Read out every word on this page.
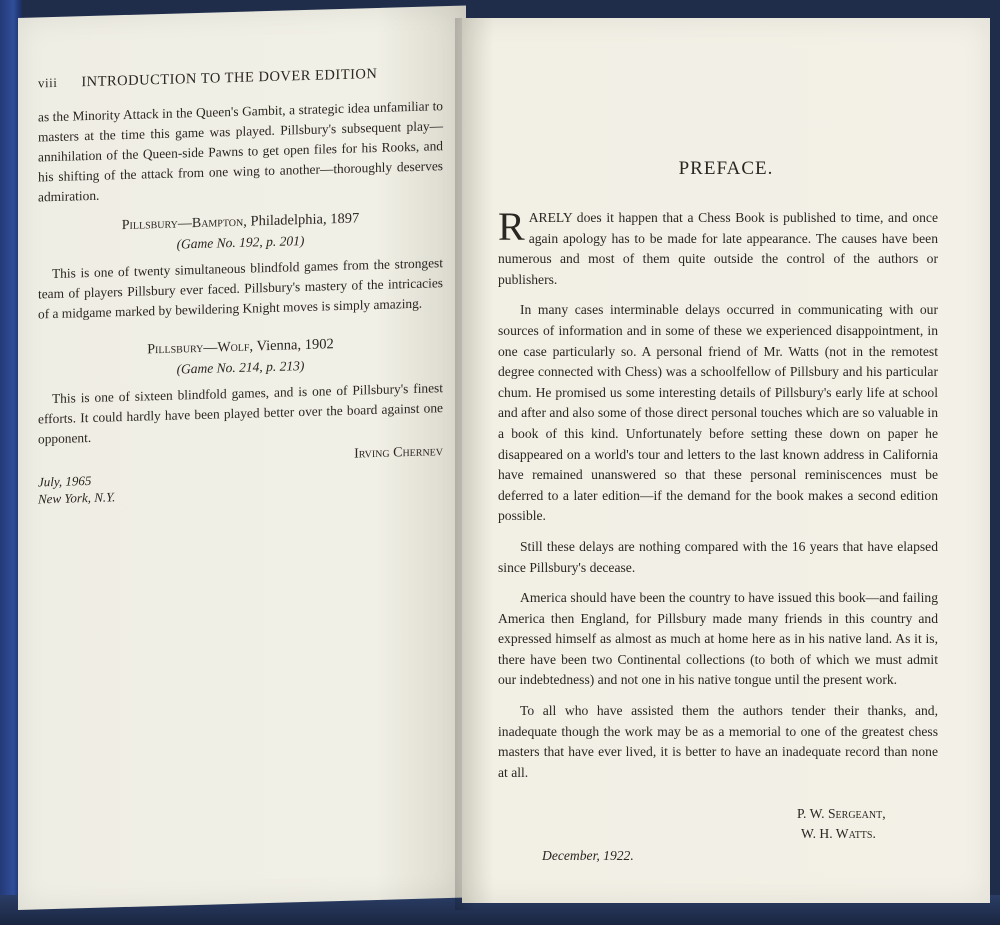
viii INTRODUCTION TO THE DOVER EDITION

as the Minority Attack in the Queen's Gambit, a strategic idea unfamiliar to masters at the time this game was played. Pillsbury's subsequent play—annihilation of the Queen-side Pawns to get open files for his Rooks, and his shifting of the attack from one wing to another—thoroughly deserves admiration.

Pillsbury—Bampton, Philadelphia, 1897
(Game No. 192, p. 201)

This is one of twenty simultaneous blindfold games from the strongest team of players Pillsbury ever faced. Pillsbury's mastery of the intricacies of a midgame marked by bewildering Knight moves is simply amazing.

Pillsbury—Wolf, Vienna, 1902
(Game No. 214, p. 213)

This is one of sixteen blindfold games, and is one of Pillsbury's finest efforts. It could hardly have been played better over the board against one opponent.

Irving Chernev
July, 1965
New York, N.Y.
PREFACE.

RARELY does it happen that a Chess Book is published to time, and once again apology has to be made for late appearance. The causes have been numerous and most of them quite outside the control of the authors or publishers.

In many cases interminable delays occurred in communicating with our sources of information and in some of these we experienced disappointment, in one case particularly so. A personal friend of Mr. Watts (not in the remotest degree connected with Chess) was a schoolfellow of Pillsbury and his particular chum. He promised us some interesting details of Pillsbury's early life at school and after and also some of those direct personal touches which are so valuable in a book of this kind. Unfortunately before setting these down on paper he disappeared on a world's tour and letters to the last known address in California have remained unanswered so that these personal reminiscences must be deferred to a later edition—if the demand for the book makes a second edition possible.

Still these delays are nothing compared with the 16 years that have elapsed since Pillsbury's decease.

America should have been the country to have issued this book—and failing America then England, for Pillsbury made many friends in this country and expressed himself as almost as much at home here as in his native land. As it is, there have been two Continental collections (to both of which we must admit our indebtedness) and not one in his native tongue until the present work.

To all who have assisted them the authors tender their thanks, and, inadequate though the work may be as a memorial to one of the greatest chess masters that have ever lived, it is better to have an inadequate record than none at all.

P. W. Sergeant,
W. H. Watts.
December, 1922.
